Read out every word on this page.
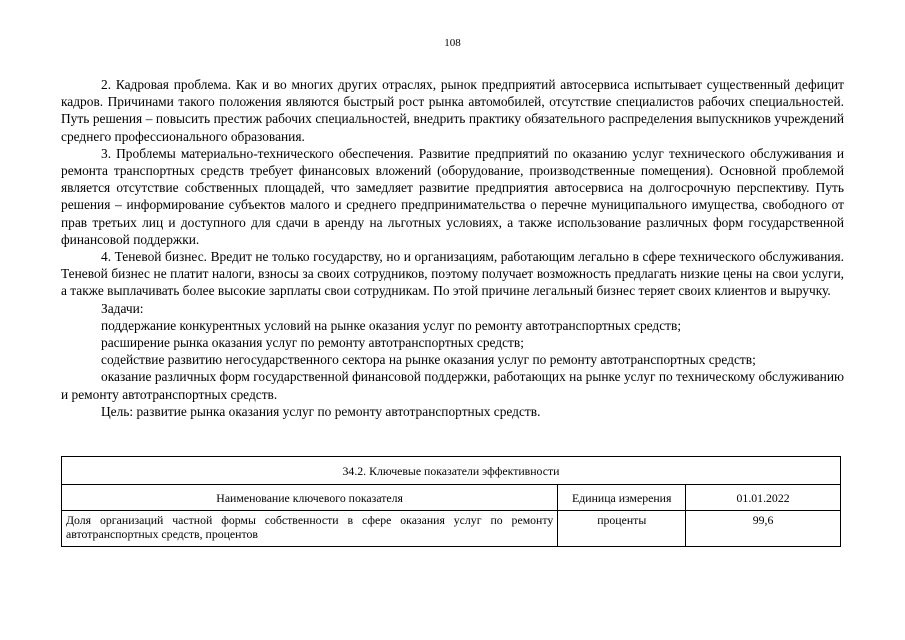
108

2. Кадровая проблема. Как и во многих других отраслях, рынок предприятий автосервиса испытывает существенный дефицит кадров. Причинами такого положения являются быстрый рост рынка автомобилей, отсутствие специалистов рабочих специальностей. Путь решения – повысить престиж рабочих специальностей, внедрить практику обязательного распределения выпускников учреждений среднего профессионального образования.

3. Проблемы материально-технического обеспечения. Развитие предприятий по оказанию услуг технического обслуживания и ремонта транспортных средств требует финансовых вложений (оборудование, производственные помещения). Основной проблемой является отсутствие собственных площадей, что замедляет развитие предприятия автосервиса на долгосрочную перспективу. Путь решения – информирование субъектов малого и среднего предпринимательства о перечне муниципального имущества, свободного от прав третьих лиц и доступного для сдачи в аренду на льготных условиях, а также использование различных форм государственной финансовой поддержки.

4. Теневой бизнес. Вредит не только государству, но и организациям, работающим легально в сфере технического обслуживания. Теневой бизнес не платит налоги, взносы за своих сотрудников, поэтому получает возможность предлагать низкие цены на свои услуги, а также выплачивать более высокие зарплаты свои сотрудникам. По этой причине легальный бизнес теряет своих клиентов и выручку.

Задачи:

поддержание конкурентных условий на рынке оказания услуг по ремонту автотранспортных средств;

расширение рынка оказания услуг по ремонту автотранспортных средств;

содействие развитию негосударственного сектора на рынке оказания услуг по ремонту автотранспортных средств;

оказание различных форм государственной финансовой поддержки, работающих на рынке услуг по техническому обслуживанию и ремонту автотранспортных средств.

Цель: развитие рынка оказания услуг по ремонту автотранспортных средств.

34.2. Ключевые показатели эффективности		
Наименование ключевого показателя	Единица измерения	01.01.2022
Доля организаций частной формы собственности в сфере оказания услуг по ремонту автотранспортных средств, процентов	проценты	99,6
